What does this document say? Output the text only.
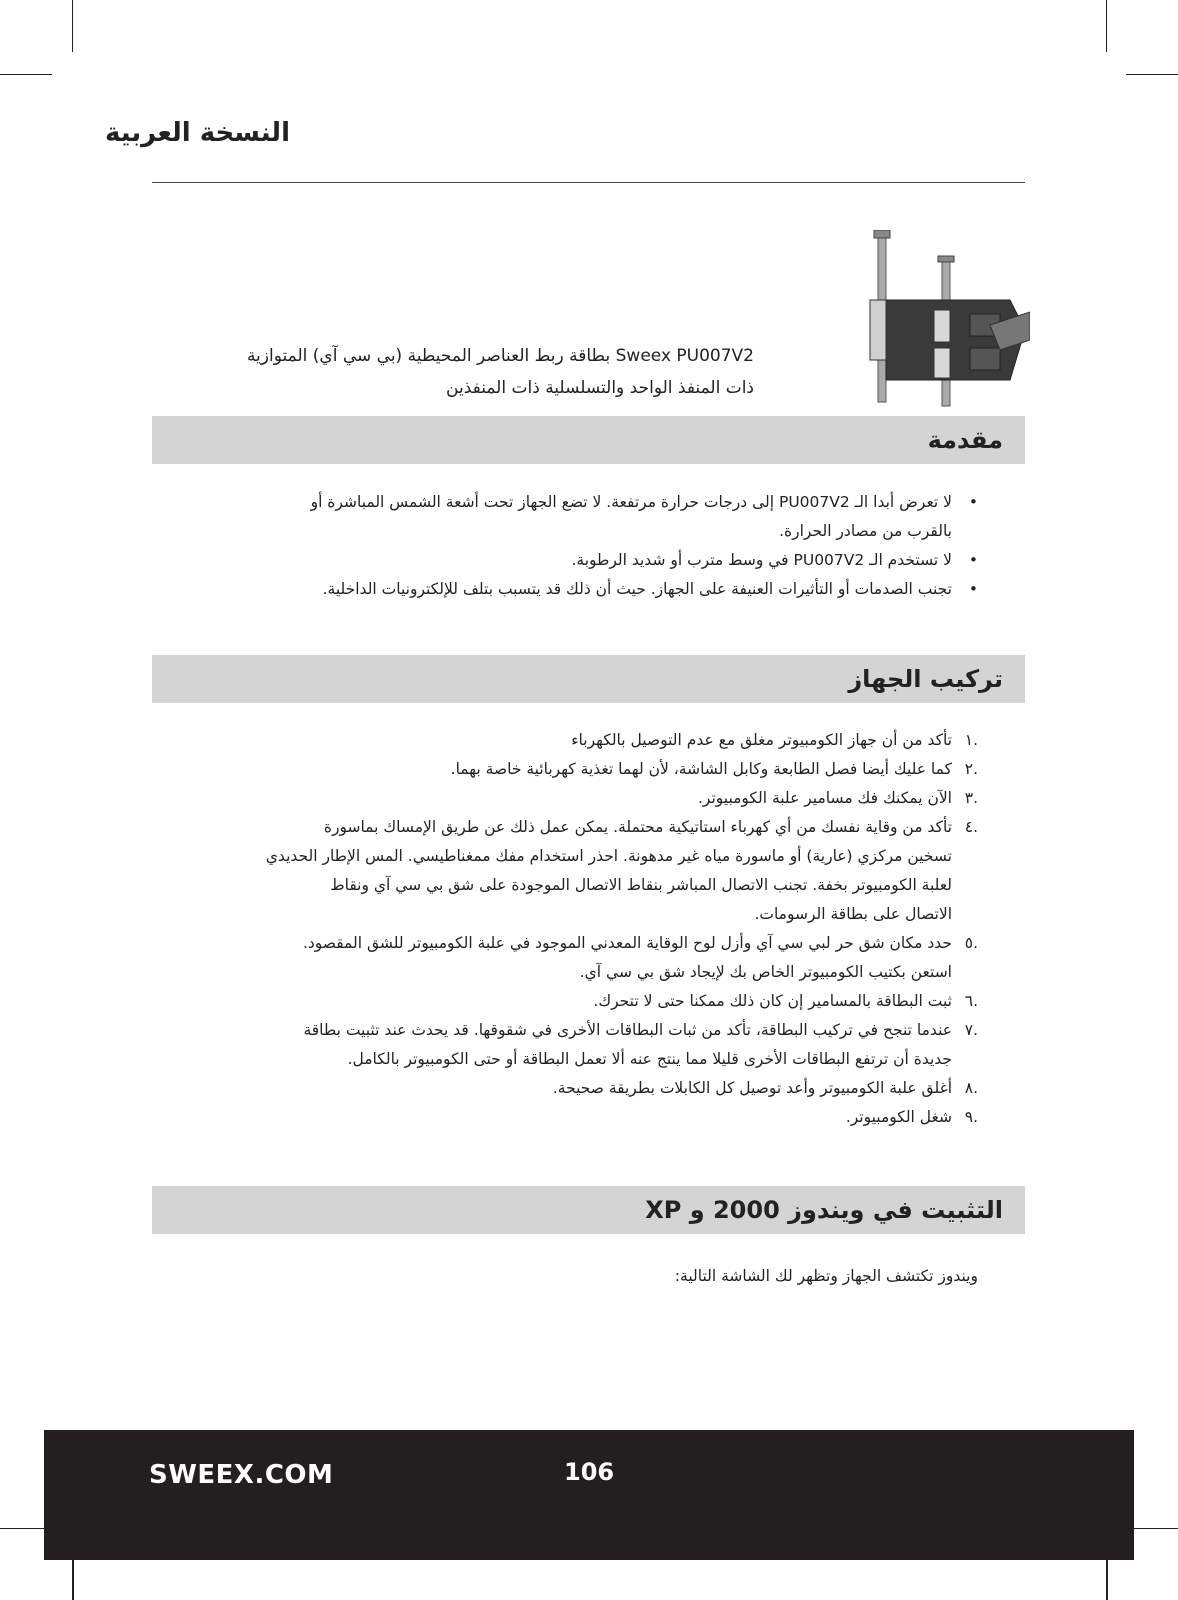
النسخة العربية
Sweex PU007V2 بطاقة ربط العناصر المحيطية (بي سي آي) المتوازية
ذات المنفذ الواحد والتسلسلية ذات المنفذين
مقدمة
•
لا تعرض أبدا الـ PU007V2 إلى درجات حرارة مرتفعة. لا تضع الجهاز تحت أشعة الشمس المباشرة أو
بالقرب من مصادر الحرارة.
•
لا تستخدم الـ PU007V2 في وسط مترب أو شديد الرطوبة.
•
تجنب الصدمات أو التأثيرات العنيفة على الجهاز. حيث أن ذلك قد يتسبب بتلف للإلكترونيات الداخلية.
تركيب الجهاز
.١
تأكد من أن جهاز الكومبيوتر مغلق مع عدم التوصيل بالكهرباء
.٢
كما عليك أيضا فصل الطابعة وكابل الشاشة، لأن لهما تغذية كهربائية خاصة بهما.
.٣
الآن يمكنك فك مسامير علبة الكومبيوتر.
.٤
تأكد من وقاية نفسك من أي كهرباء استاتيكية محتملة. يمكن عمل ذلك عن طريق الإمساك بماسورة
تسخين مركزي (عارية) أو ماسورة مياه غير مدهونة. احذر استخدام مفك ممغناطيسي. المس الإطار الحديدي
لعلبة الكومبيوتر بخفة. تجنب الاتصال المباشر بنقاط الاتصال الموجودة على شق بي سي آي ونقاط
الاتصال على بطاقة الرسومات.
.٥
حدد مكان شق حر لبي سي آي وأزل لوح الوقاية المعدني الموجود في علبة الكومبيوتر للشق المقصود.
استعن بكتيب الكومبيوتر الخاص بك لإيجاد شق بي سي آي.
.٦
ثبت البطاقة بالمسامير إن كان ذلك ممكنا حتى لا تتحرك.
.٧
عندما تنجح في تركيب البطاقة، تأكد من ثبات البطاقات الأخرى في شقوقها. قد يحدث عند تثبيت بطاقة
جديدة أن ترتفع البطاقات الأخرى قليلا مما ينتج عنه ألا تعمل البطاقة أو حتى الكومبيوتر بالكامل.
.٨
أغلق علبة الكومبيوتر وأعد توصيل كل الكابلات بطريقة صحيحة.
.٩
شغل الكومبيوتر.
التثبيت في ويندوز 2000 و XP
ويندوز تكتشف الجهاز وتظهر لك الشاشة التالية:
SWEEX.COM	106
